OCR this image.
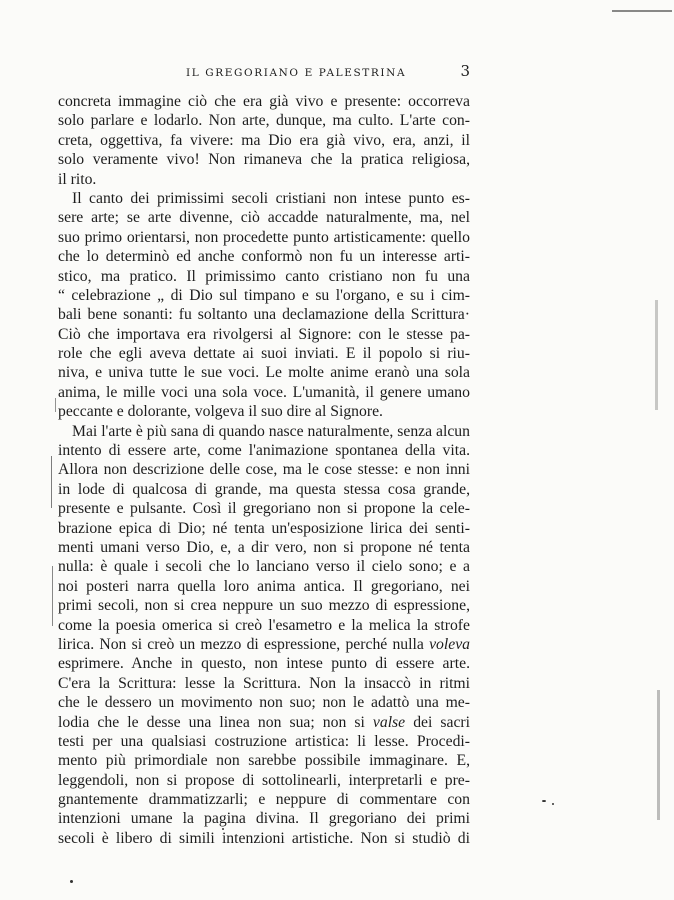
IL GREGORIANO E PALESTRINA	3
concreta immagine ciò che era già vivo e presente: occorreva
solo parlare e lodarlo. Non arte, dunque, ma culto. L'arte con-
creta, oggettiva, fa vivere: ma Dio era già vivo, era, anzi, il
solo veramente vivo! Non rimaneva che la pratica religiosa,
il rito.
Il canto dei primissimi secoli cristiani non intese punto es-
sere arte; se arte divenne, ciò accadde naturalmente, ma, nel
suo primo orientarsi, non procedette punto artisticamente: quello
che lo determinò ed anche conformò non fu un interesse arti-
stico, ma pratico. Il primissimo canto cristiano non fu una
“ celebrazione „ di Dio sul timpano e su l'organo, e su i cim-
bali bene sonanti: fu soltanto una declamazione della Scrittura·
Ciò che importava era rivolgersi al Signore: con le stesse pa-
role che egli aveva dettate ai suoi inviati. E il popolo si riu-
niva, e univa tutte le sue voci. Le molte anime eranò una sola
anima, le mille voci una sola voce. L'umanità, il genere umano
peccante e dolorante, volgeva il suo dire al Signore.
Mai l'arte è più sana di quando nasce naturalmente, senza alcun
intento di essere arte, come l'animazione spontanea della vita.
Allora non descrizione delle cose, ma le cose stesse: e non inni
in lode di qualcosa di grande, ma questa stessa cosa grande,
presente e pulsante. Così il gregoriano non si propone la cele-
brazione epica di Dio; né tenta un'esposizione lirica dei senti-
menti umani verso Dio, e, a dir vero, non si propone né tenta
nulla: è quale i secoli che lo lanciano verso il cielo sono; e a
noi posteri narra quella loro anima antica. Il gregoriano, nei
primi secoli, non si crea neppure un suo mezzo di espressione,
come la poesia omerica si creò l'esametro e la melica la strofe
lirica. Non si creò un mezzo di espressione, perché nulla voleva
esprimere. Anche in questo, non intese punto di essere arte.
C'era la Scrittura: lesse la Scrittura. Non la insaccò in ritmi
che le dessero un movimento non suo; non le adattò una me-
lodia che le desse una linea non sua; non si valse dei sacri
testi per una qualsiasi costruzione artistica: li lesse. Procedi-
mento più primordiale non sarebbe possibile immaginare. E,
leggendoli, non si propose di sottolinearli, interpretarli e pre-
gnantemente drammatizzarli; e neppure di commentare con
intenzioni umane la pagina divina. Il gregoriano dei primi
secoli è libero di simili intenzioni artistiche. Non si studiò di
